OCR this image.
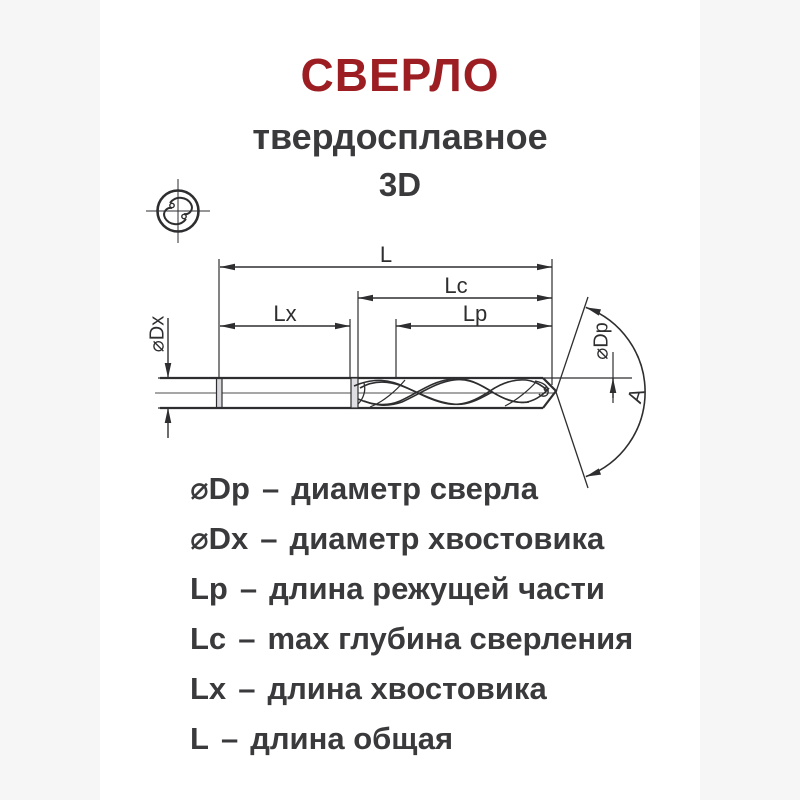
СВЕРЛО
твердосплавное
3D
L
Lc
Lx	Lp
⌀Dx	⌀Dp
A
⌀Dp – диаметр сверла
⌀Dx – диаметр хвостовика
Lp – длина режущей части
Lc – max глубина сверления
Lx – длина хвостовика
L – длина общая
